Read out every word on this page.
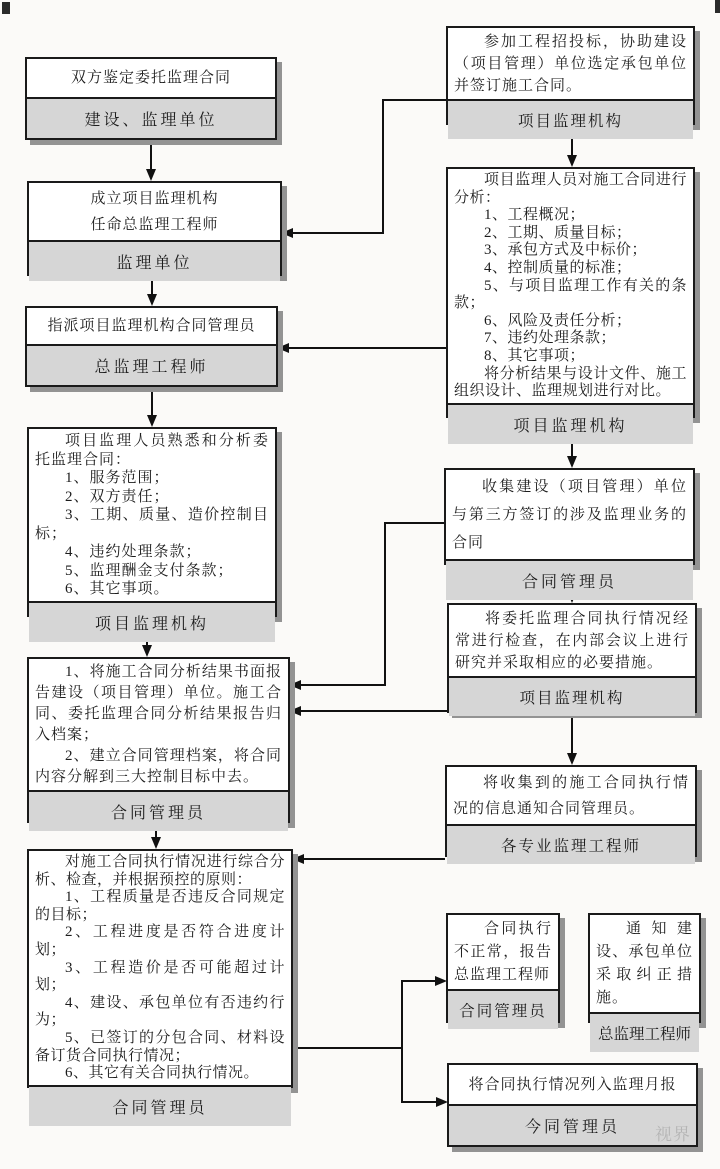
双方鉴定委托监理合同

建设、监理单位

成立项目监理机构

任命总监理工程师

监理单位

指派项目监理机构合同管理员

总监理工程师

项目监理人员熟悉和分析委托监理合同：

1、服务范围；

2、双方责任；

3、工期、质量、造价控制目标；

4、违约处理条款；

5、监理酬金支付条款；

6、其它事项。

项目监理机构

1、将施工合同分析结果书面报告建设（项目管理）单位。施工合同、委托监理合同分析结果报告归入档案；

2、建立合同管理档案，将合同内容分解到三大控制目标中去。

合同管理员

对施工合同执行情况进行综合分析、检查，并根据预控的原则：

1、工程质量是否违反合同规定的目标；

2、工程进度是否符合进度计划；

3、工程造价是否可能超过计划；

4、建设、承包单位有否违约行为；

5、已签订的分包合同、材料设备订货合同执行情况；

6、其它有关合同执行情况。

合同管理员

参加工程招投标，协助建设（项目管理）单位选定承包单位并签订施工合同。

项目监理机构

项目监理人员对施工合同进行分析：

1、工程概况；

2、工期、质量目标；

3、承包方式及中标价；

4、控制质量的标准；

5、与项目监理工作有关的条款；

6、风险及责任分析；

7、违约处理条款；

8、其它事项；

将分析结果与设计文件、施工组织设计、监理规划进行对比。

项目监理机构

收集建设（项目管理）单位与第三方签订的涉及监理业务的合同

合同管理员

将委托监理合同执行情况经常进行检查，在内部会议上进行研究并采取相应的必要措施。

项目监理机构

将收集到的施工合同执行情况的信息通知合同管理员。

各专业监理工程师

合同执行不正常，报告总监理工程师

合同管理员

通知建设、承包单位采取纠正措施。

总监理工程师

将合同执行情况列入监理月报

今同管理员	视界
